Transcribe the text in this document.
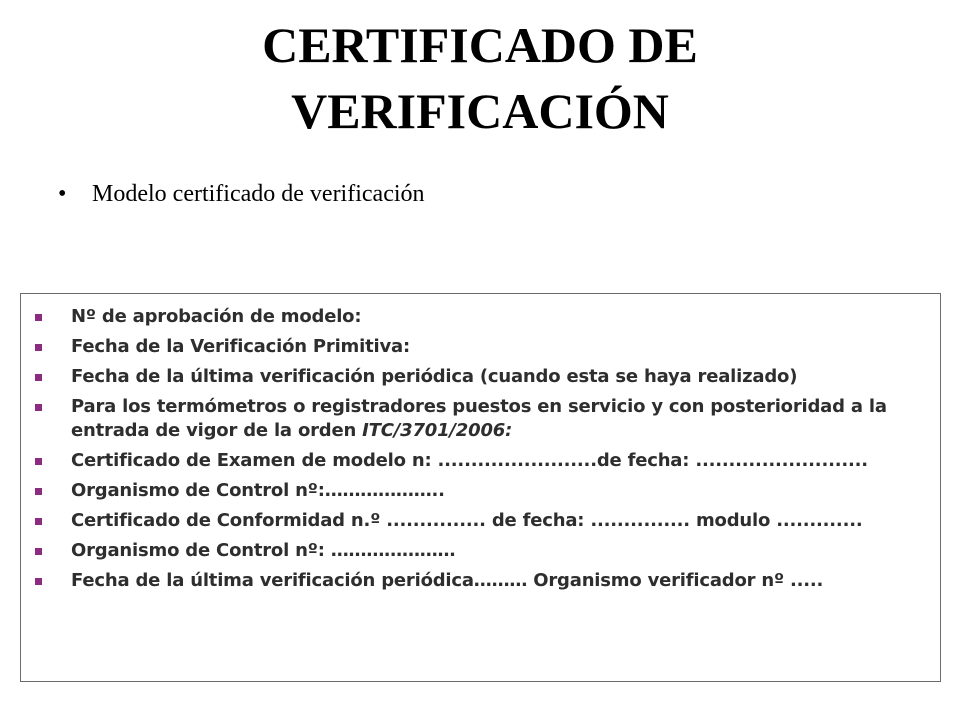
CERTIFICADO DE
VERIFICACIÓN
• Modelo certificado de verificación
Nº de aprobación de modelo:
Fecha de la Verificación Primitiva:
Fecha de la última verificación periódica (cuando esta se haya realizado)
Para los termómetros o registradores puestos en servicio y con posterioridad a la entrada de vigor de la orden ITC/3701/2006:
Certificado de Examen de modelo n: ........................de fecha: ..........................
Organismo de Control nº:………………..
Certificado de Conformidad n.º ............... de fecha: ............... modulo .............
Organismo de Control nº: …………………
Fecha de la última verificación periódica……… Organismo verificador nº .....
